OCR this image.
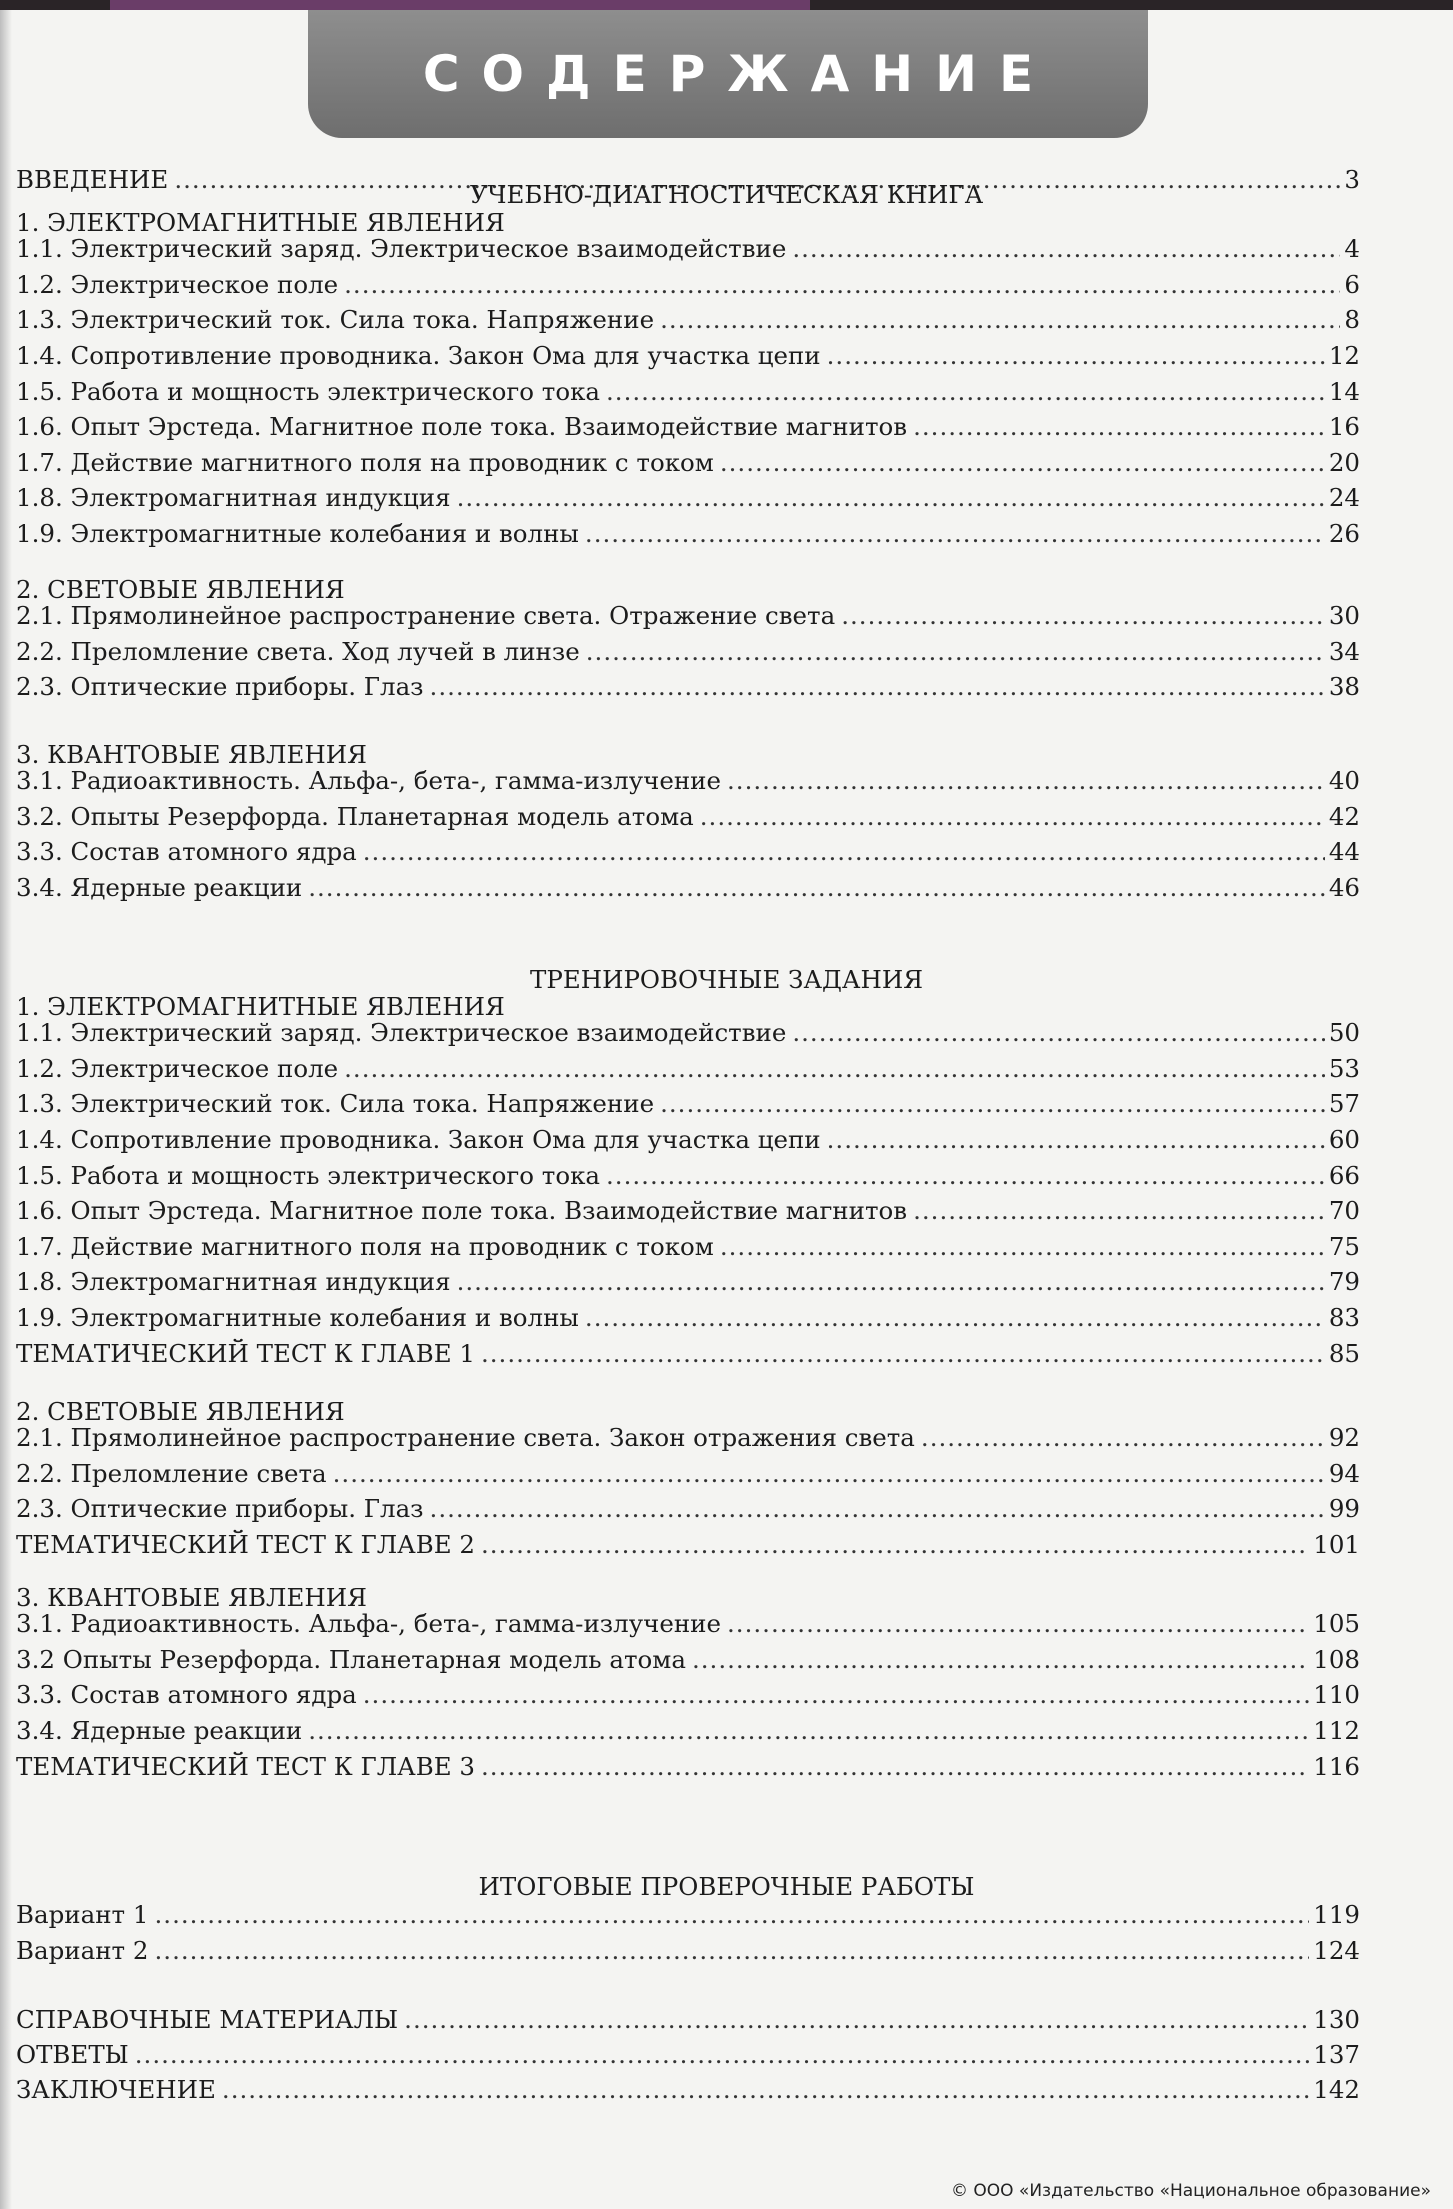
СОДЕРЖАНИЕ
ВВЕДЕНИЕ .....	3
УЧЕБНО-ДИАГНОСТИЧЕСКАЯ КНИГА
1. ЭЛЕКТРОМАГНИТНЫЕ ЯВЛЕНИЯ
1.1. Электрический заряд. Электрическое взаимодействие .....	4
1.2. Электрическое поле .....	6
1.3. Электрический ток. Сила тока. Напряжение .....	8
1.4. Сопротивление проводника. Закон Ома для участка цепи .....	12
1.5. Работа и мощность электрического тока .....	14
1.6. Опыт Эрстеда. Магнитное поле тока. Взаимодействие магнитов .....	16
1.7. Действие магнитного поля на проводник с током .....	20
1.8. Электромагнитная индукция .....	24
1.9. Электромагнитные колебания и волны .....	26
2. СВЕТОВЫЕ ЯВЛЕНИЯ
2.1. Прямолинейное распространение света. Отражение света .....	30
2.2. Преломление света. Ход лучей в линзе .....	34
2.3. Оптические приборы. Глаз .....	38
3. КВАНТОВЫЕ ЯВЛЕНИЯ
3.1. Радиоактивность. Альфа-, бета-, гамма-излучение .....	40
3.2. Опыты Резерфорда. Планетарная модель атома .....	42
3.3. Состав атомного ядра .....	44
3.4. Ядерные реакции .....	46
ТРЕНИРОВОЧНЫЕ ЗАДАНИЯ
1. ЭЛЕКТРОМАГНИТНЫЕ ЯВЛЕНИЯ
1.1. Электрический заряд. Электрическое взаимодействие .....	50
1.2. Электрическое поле .....	53
1.3. Электрический ток. Сила тока. Напряжение .....	57
1.4. Сопротивление проводника. Закон Ома для участка цепи .....	60
1.5. Работа и мощность электрического тока .....	66
1.6. Опыт Эрстеда. Магнитное поле тока. Взаимодействие магнитов .....	70
1.7. Действие магнитного поля на проводник с током .....	75
1.8. Электромагнитная индукция .....	79
1.9. Электромагнитные колебания и волны .....	83
ТЕМАТИЧЕСКИЙ ТЕСТ К ГЛАВЕ 1 .....	85
2. СВЕТОВЫЕ ЯВЛЕНИЯ
2.1. Прямолинейное распространение света. Закон отражения света .....	92
2.2. Преломление света .....	94
2.3. Оптические приборы. Глаз .....	99
ТЕМАТИЧЕСКИЙ ТЕСТ К ГЛАВЕ 2 .....	101
3. КВАНТОВЫЕ ЯВЛЕНИЯ
3.1. Радиоактивность. Альфа-, бета-, гамма-излучение .....	105
3.2 Опыты Резерфорда. Планетарная модель атома .....	108
3.3. Состав атомного ядра .....	110
3.4. Ядерные реакции .....	112
ТЕМАТИЧЕСКИЙ ТЕСТ К ГЛАВЕ 3 .....	116
ИТОГОВЫЕ ПРОВЕРОЧНЫЕ РАБОТЫ
Вариант 1 .....	119
Вариант 2 .....	124
СПРАВОЧНЫЕ МАТЕРИАЛЫ .....	130
ОТВЕТЫ .....	137
ЗАКЛЮЧЕНИЕ .....	142
© ООО «Издательство «Национальное образование»
